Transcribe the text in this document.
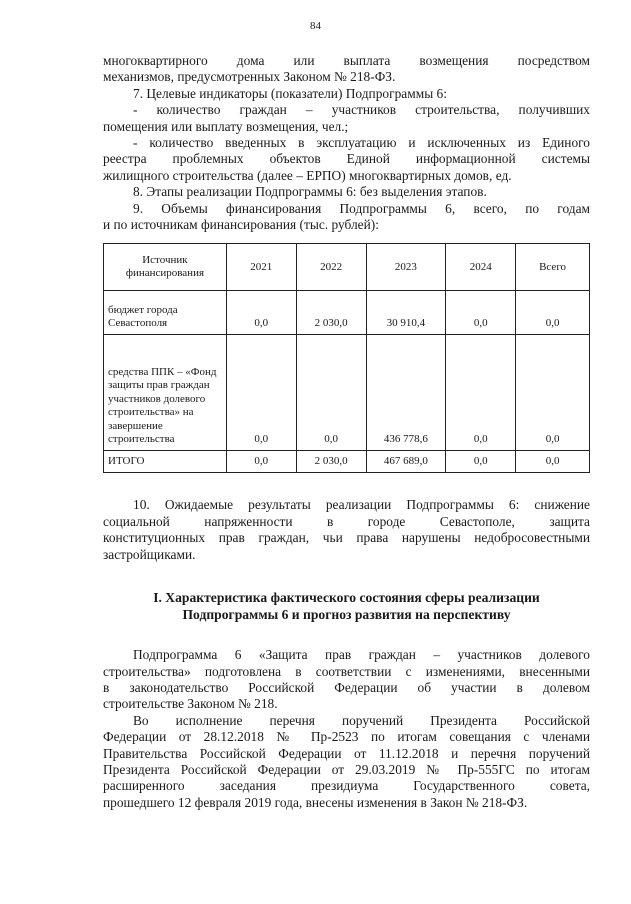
84

многоквартирного дома или выплата возмещения посредством

механизмов, предусмотренных Законом № 218-ФЗ.

7. Целевые индикаторы (показатели) Подпрограммы 6:

- количество граждан – участников строительства, получивших

помещения или выплату возмещения, чел.;

- количество введенных в эксплуатацию и исключенных из Единого

реестра проблемных объектов Единой информационной системы

жилищного строительства (далее – ЕРПО) многоквартирных домов, ед.

8. Этапы реализации Подпрограммы 6: без выделения этапов.

9. Объемы финансирования Подпрограммы 6, всего, по годам

и по источникам финансирования (тыс. рублей):

Источник финансирования	2021	2022	2023	2024	Всего
бюджет города Севастополя	0,0	2 030,0	30 910,4	0,0	0,0
средства ППК – «Фонд защиты прав граждан участников долевого строительства» на завершение строительства	0,0	0,0	436 778,6	0,0	0,0
ИТОГО	0,0	2 030,0	467 689,0	0,0	0,0

10. Ожидаемые результаты реализации Подпрограммы 6: снижение

социальной напряженности в городе Севастополе, защита

конституционных прав граждан, чьи права нарушены недобросовестными

застройщиками.

I. Характеристика фактического состояния сферы реализации

Подпрограммы 6 и прогноз развития на перспективу

Подпрограмма 6 «Защита прав граждан – участников долевого

строительства» подготовлена в соответствии с изменениями, внесенными

в законодательство Российской Федерации об участии в долевом

строительстве Законом № 218.

Во исполнение перечня поручений Президента Российской

Федерации от 28.12.2018 № Пр-2523 по итогам совещания с членами

Правительства Российской Федерации от 11.12.2018 и перечня поручений

Президента Российской Федерации от 29.03.2019 № Пр-555ГС по итогам

расширенного заседания президиума Государственного совета,

прошедшего 12 февраля 2019 года, внесены изменения в Закон № 218-ФЗ.
